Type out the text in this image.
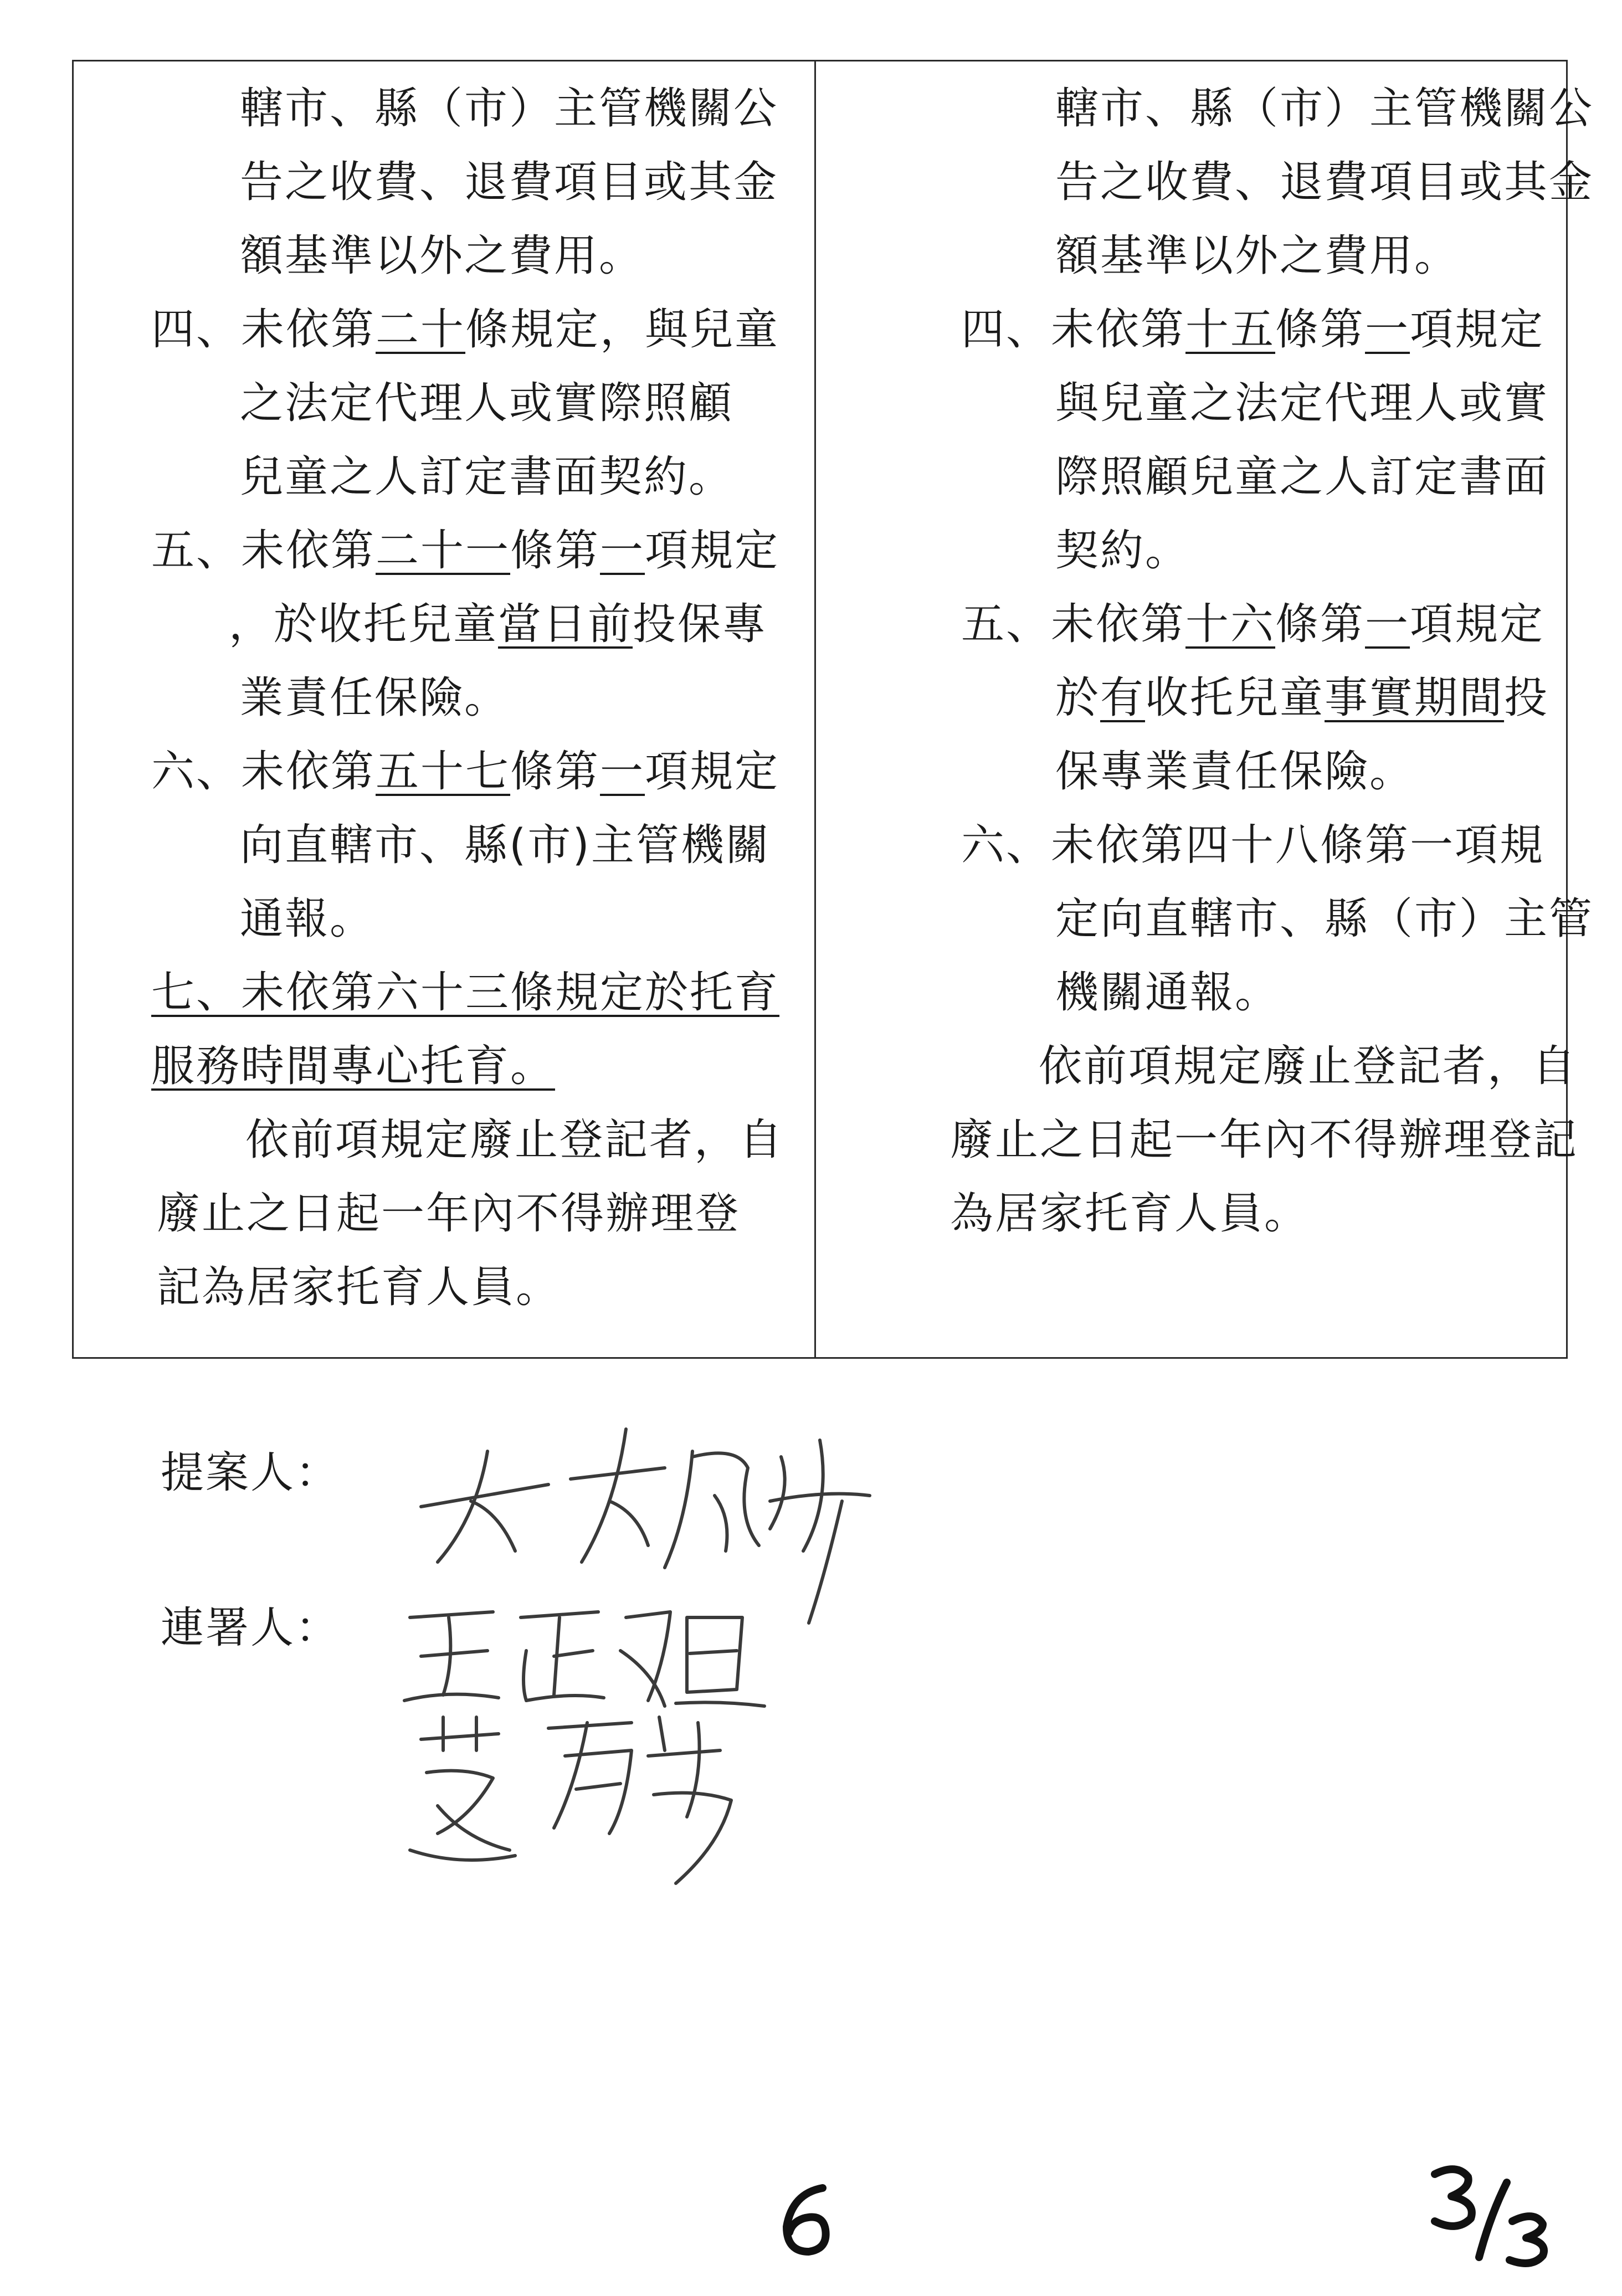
轄市、縣（市）主管機關公
告之收費、退費項目或其金
額基準以外之費用。
四、未依第二十條規定，與兒童
之法定代理人或實際照顧
兒童之人訂定書面契約。
五、未依第二十一條第一項規定
，於收托兒童當日前投保專
業責任保險。
六、未依第五十七條第一項規定
向直轄市、縣(市)主管機關
通報。
七、未依第六十三條規定於托育
服務時間專心托育。
依前項規定廢止登記者，自
廢止之日起一年內不得辦理登
記為居家托育人員。
轄市、縣（市）主管機關公
告之收費、退費項目或其金
額基準以外之費用。
四、未依第十五條第一項規定
與兒童之法定代理人或實
際照顧兒童之人訂定書面
契約。
五、未依第十六條第一項規定
於有收托兒童事實期間投
保專業責任保險。
六、未依第四十八條第一項規
定向直轄市、縣（市）主管
機關通報。
依前項規定廢止登記者，自
廢止之日起一年內不得辦理登記
為居家托育人員。
提案人：
連署人：
